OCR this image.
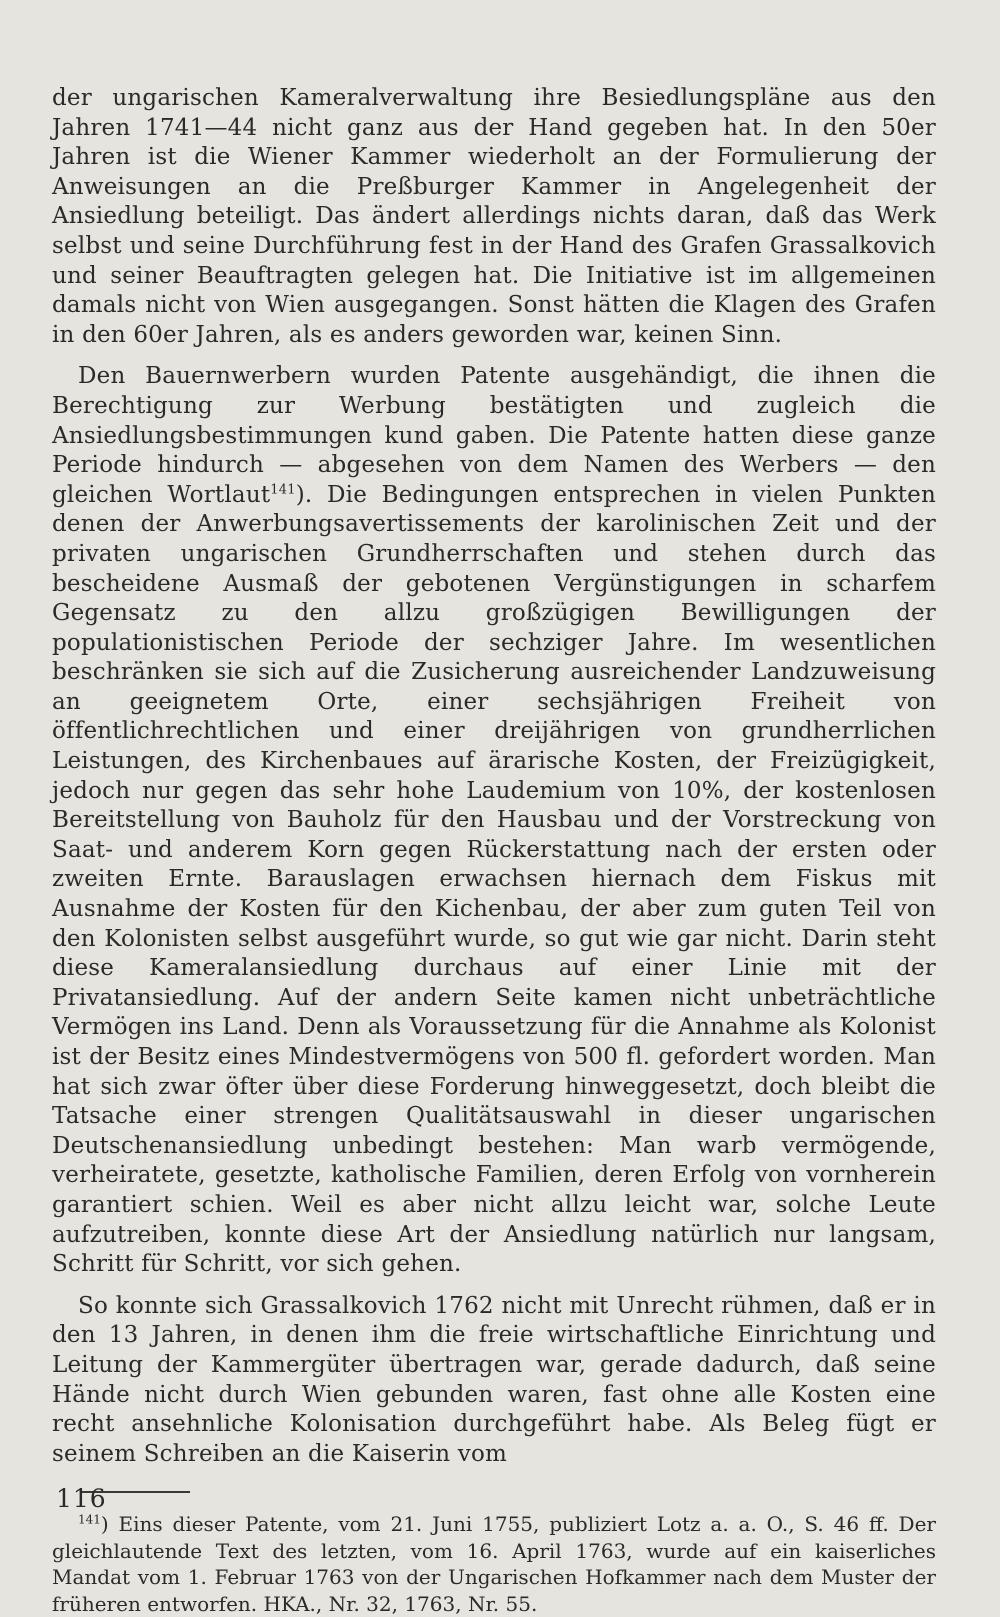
der ungarischen Kameralverwaltung ihre Besiedlungspläne aus den Jahren 1741—44 nicht ganz aus der Hand gegeben hat. In den 50er Jahren ist die Wiener Kammer wiederholt an der Formulierung der Anweisungen an die Preßburger Kammer in Angelegenheit der Ansiedlung beteiligt. Das ändert allerdings nichts daran, daß das Werk selbst und seine Durchführung fest in der Hand des Grafen Grassalkovich und seiner Beauftragten gelegen hat. Die Initiative ist im allgemeinen damals nicht von Wien ausgegangen. Sonst hätten die Klagen des Grafen in den 60er Jahren, als es anders geworden war, keinen Sinn.

Den Bauernwerbern wurden Patente ausgehändigt, die ihnen die Berechtigung zur Werbung bestätigten und zugleich die Ansiedlungsbestimmungen kund gaben. Die Patente hatten diese ganze Periode hindurch — abgesehen von dem Namen des Werbers — den gleichen Wortlaut$^{141}$). Die Bedingungen entsprechen in vielen Punkten denen der Anwerbungsavertissements der karolinischen Zeit und der privaten ungarischen Grundherrschaften und stehen durch das bescheidene Ausmaß der gebotenen Vergünstigungen in scharfem Gegensatz zu den allzu großzügigen Bewilligungen der populationistischen Periode der sechziger Jahre. Im wesentlichen beschränken sie sich auf die Zusicherung ausreichender Landzuweisung an geeignetem Orte, einer sechsjährigen Freiheit von öffentlichrechtlichen und einer dreijährigen von grundherrlichen Leistungen, des Kirchenbaues auf ärarische Kosten, der Freizügigkeit, jedoch nur gegen das sehr hohe Laudemium von 10%, der kostenlosen Bereitstellung von Bauholz für den Hausbau und der Vorstreckung von Saat- und anderem Korn gegen Rückerstattung nach der ersten oder zweiten Ernte. Barauslagen erwachsen hiernach dem Fiskus mit Ausnahme der Kosten für den Kichenbau, der aber zum guten Teil von den Kolonisten selbst ausgeführt wurde, so gut wie gar nicht. Darin steht diese Kameralansiedlung durchaus auf einer Linie mit der Privatansiedlung. Auf der andern Seite kamen nicht unbeträchtliche Vermögen ins Land. Denn als Voraussetzung für die Annahme als Kolonist ist der Besitz eines Mindestvermögens von 500 fl. gefordert worden. Man hat sich zwar öfter über diese Forderung hinweggesetzt, doch bleibt die Tatsache einer strengen Qualitätsauswahl in dieser ungarischen Deutschenansiedlung unbedingt bestehen: Man warb vermögende, verheiratete, gesetzte, katholische Familien, deren Erfolg von vornherein garantiert schien. Weil es aber nicht allzu leicht war, solche Leute aufzutreiben, konnte diese Art der Ansiedlung natürlich nur langsam, Schritt für Schritt, vor sich gehen.

So konnte sich Grassalkovich 1762 nicht mit Unrecht rühmen, daß er in den 13 Jahren, in denen ihm die freie wirtschaftliche Einrichtung und Leitung der Kammergüter übertragen war, gerade dadurch, daß seine Hände nicht durch Wien gebunden waren, fast ohne alle Kosten eine recht ansehnliche Kolonisation durchgeführt habe. Als Beleg fügt er seinem Schreiben an die Kaiserin vom

$^{141}$) Eins dieser Patente, vom 21. Juni 1755, publiziert Lotz a. a. O., S. 46 ff. Der gleichlautende Text des letzten, vom 16. April 1763, wurde auf ein kaiserliches Mandat vom 1. Februar 1763 von der Ungarischen Hofkammer nach dem Muster der früheren entworfen. HKA., Nr. 32, 1763, Nr. 55.

116
